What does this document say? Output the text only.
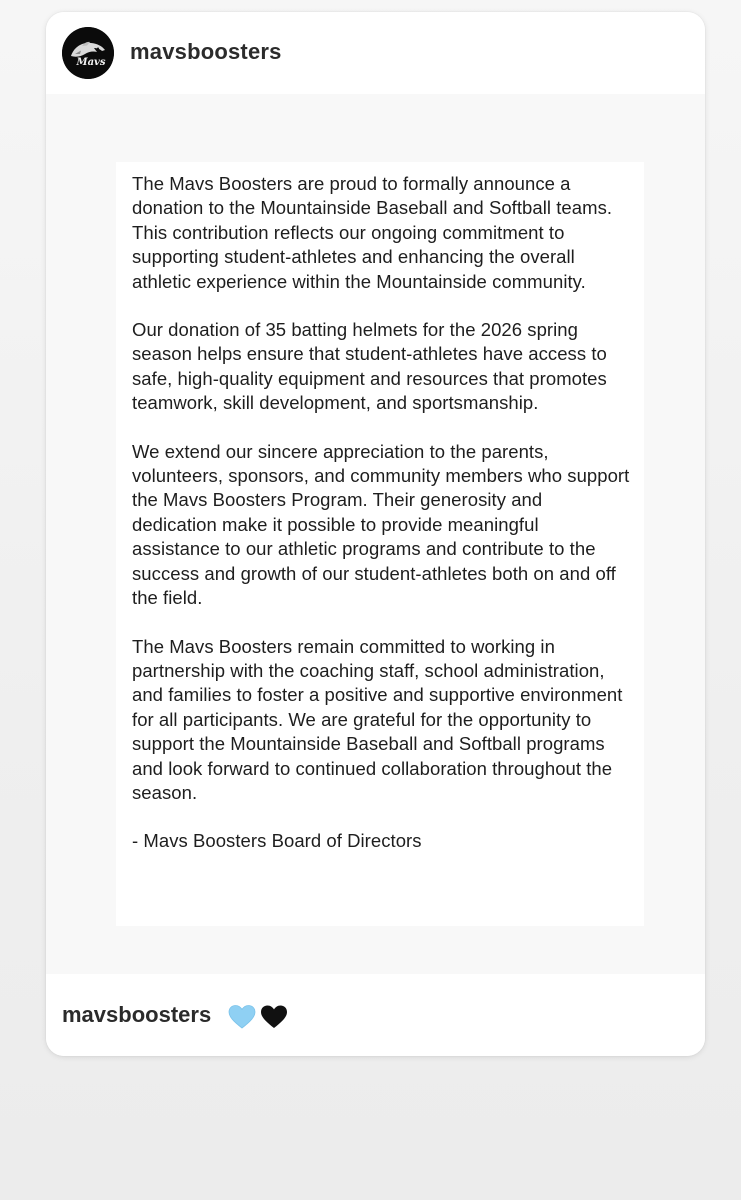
Mavs mavsboosters

The Mavs Boosters are proud to formally announce a donation to the Mountainside Baseball and Softball teams. This contribution reflects our ongoing commitment to supporting student-athletes and enhancing the overall athletic experience within the Mountainside community.

Our donation of 35 batting helmets for the 2026 spring season helps ensure that student-athletes have access to safe, high-quality equipment and resources that promotes teamwork, skill development, and sportsmanship.

We extend our sincere appreciation to the parents, volunteers, sponsors, and community members who support the Mavs Boosters Program. Their generosity and dedication make it possible to provide meaningful assistance to our athletic programs and contribute to the success and growth of our student-athletes both on and off the field.

The Mavs Boosters remain committed to working in partnership with the coaching staff, school administration, and families to foster a positive and supportive environment for all participants. We are grateful for the opportunity to support the Mountainside Baseball and Softball programs and look forward to continued collaboration throughout the season.

- Mavs Boosters Board of Directors

mavsboosters
